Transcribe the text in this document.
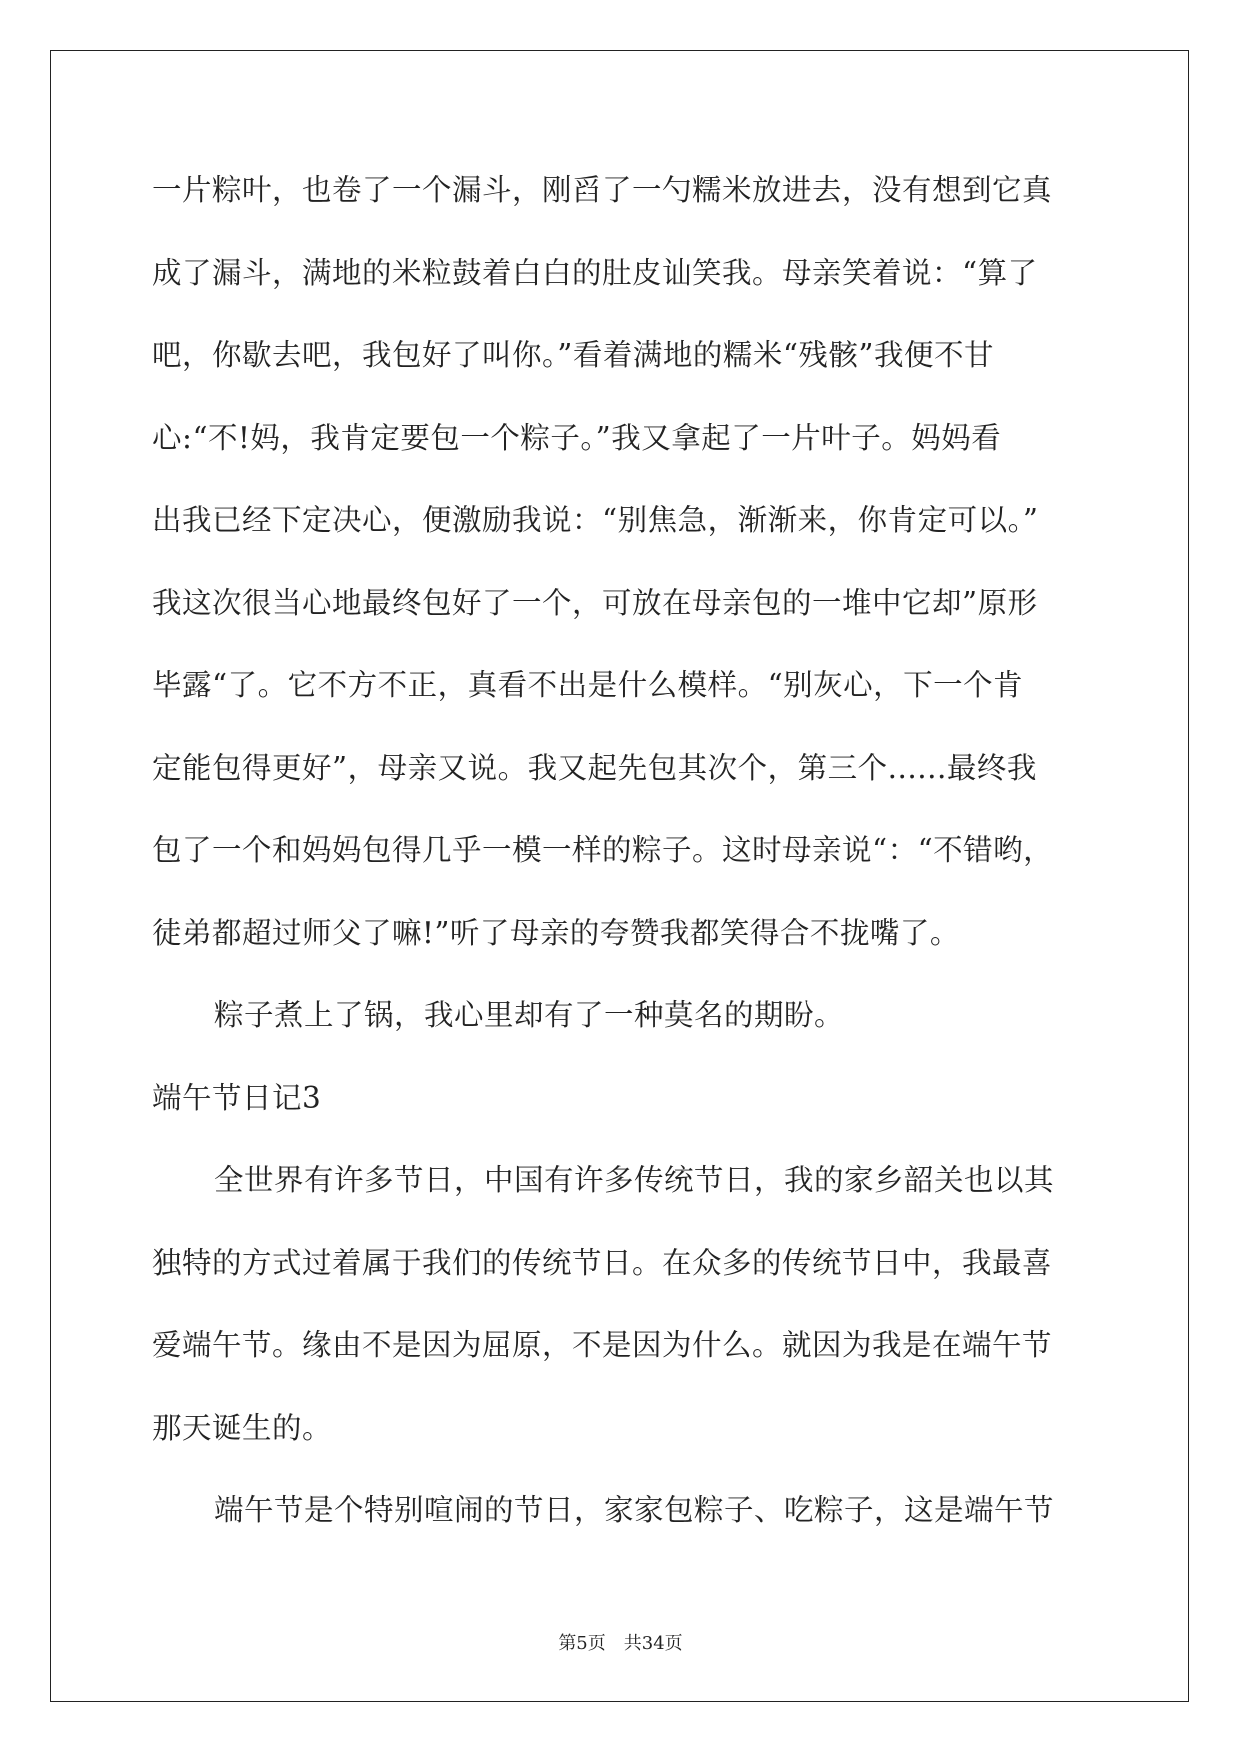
一片粽叶，也卷了一个漏斗，刚舀了一勺糯米放进去，没有想到它真
成了漏斗，满地的米粒鼓着白白的肚皮讪笑我。母亲笑着说：“算了
吧，你歇去吧，我包好了叫你。”看着满地的糯米“残骸”我便不甘
心:“不!妈，我肯定要包一个粽子。”我又拿起了一片叶子。妈妈看
出我已经下定决心，便激励我说：“别焦急，渐渐来，你肯定可以。”
我这次很当心地最终包好了一个，可放在母亲包的一堆中它却”原形
毕露“了。它不方不正，真看不出是什么模样。“别灰心，下一个肯
定能包得更好”，母亲又说。我又起先包其次个，第三个......最终我
包了一个和妈妈包得几乎一模一样的粽子。这时母亲说“：“不错哟，
徒弟都超过师父了嘛!”听了母亲的夸赞我都笑得合不拢嘴了。
粽子煮上了锅，我心里却有了一种莫名的期盼。
端午节日记3
全世界有许多节日，中国有许多传统节日，我的家乡韶关也以其
独特的方式过着属于我们的传统节日。在众多的传统节日中，我最喜
爱端午节。缘由不是因为屈原，不是因为什么。就因为我是在端午节
那天诞生的。
端午节是个特别喧闹的节日，家家包粽子、吃粽子，这是端午节
第5页　共34页
